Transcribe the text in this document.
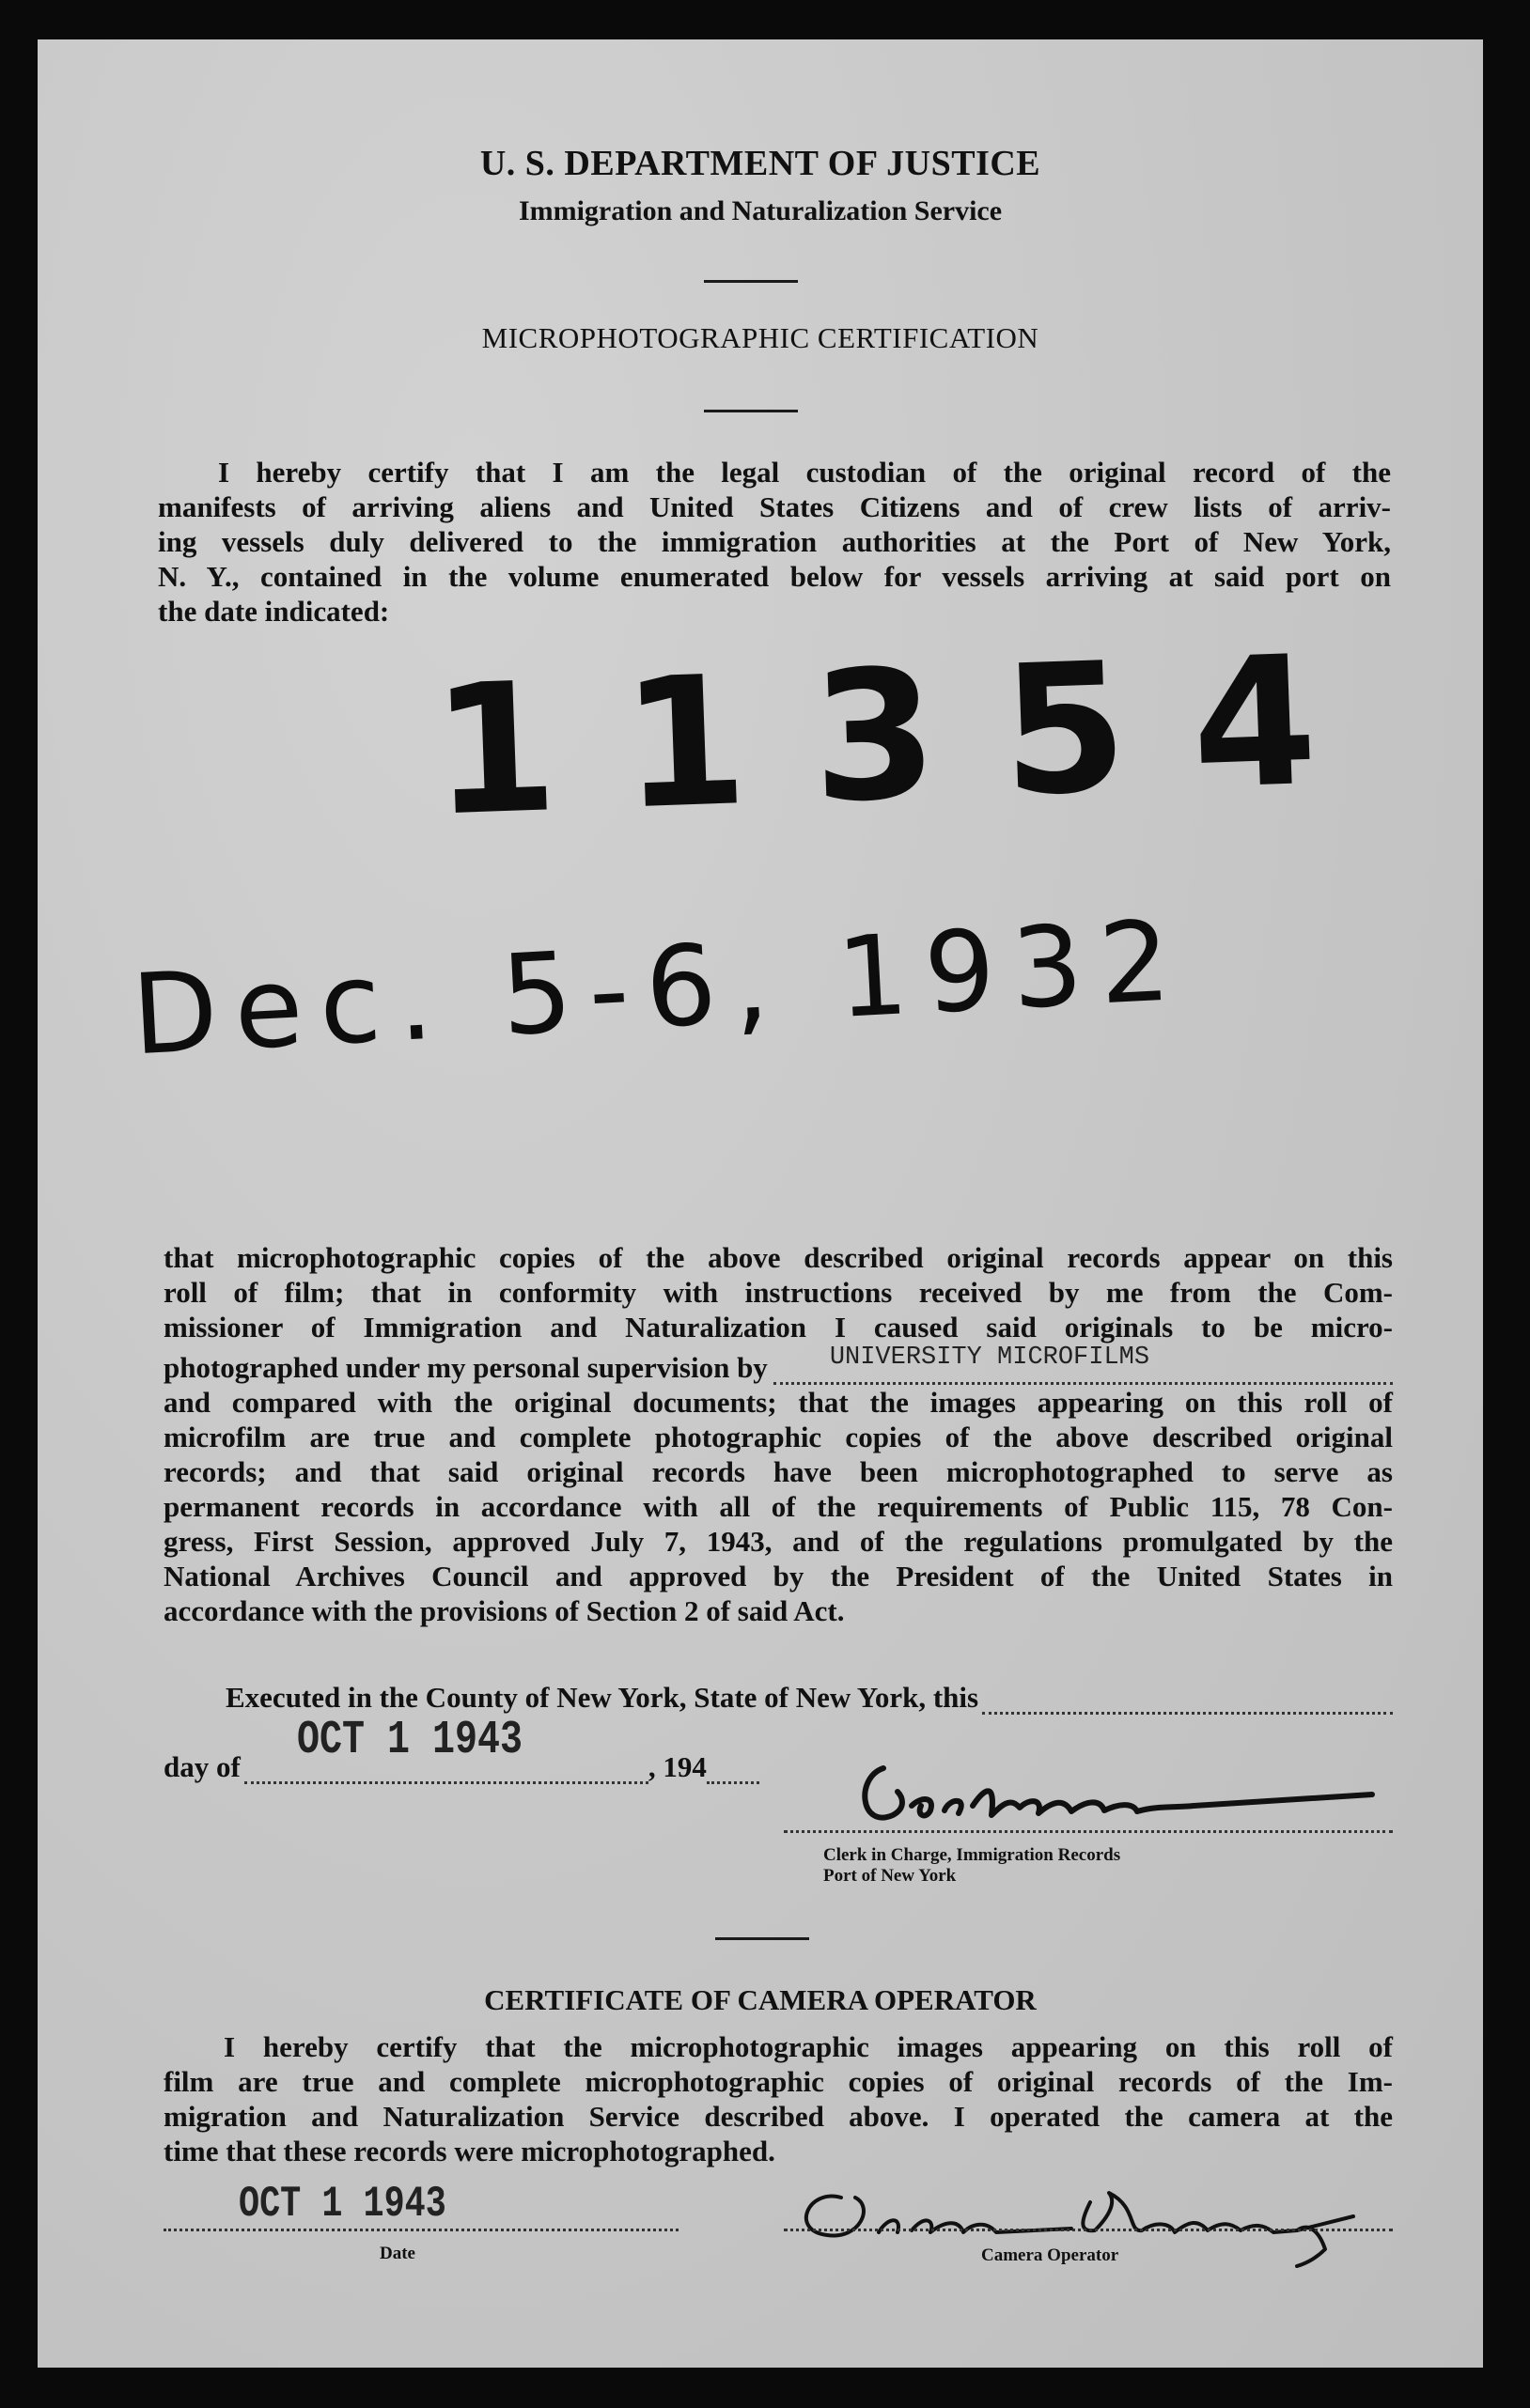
U. S. DEPARTMENT OF JUSTICE
Immigration and Naturalization Service
MICROPHOTOGRAPHIC CERTIFICATION
I hereby certify that I am the legal custodian of the original record of the
manifests of arriving aliens and United States Citizens and of crew lists of arriv-
ing vessels duly delivered to the immigration authorities at the Port of New York,
N. Y., contained in the volume enumerated below for vessels arriving at said port on
the date indicated:
11354
Dec. 5-6, 1932
that microphotographic copies of the above described original records appear on this
roll of film; that in conformity with instructions received by me from the Com-
missioner of Immigration and Naturalization I caused said originals to be micro-
photographed under my personal supervision by UNIVERSITY MICROFILMS
and compared with the original documents; that the images appearing on this roll of
microfilm are true and complete photographic copies of the above described original
records; and that said original records have been microphotographed to serve as
permanent records in accordance with all of the requirements of Public 115, 78 Con-
gress, First Session, approved July 7, 1943, and of the regulations promulgated by the
National Archives Council and approved by the President of the United States in
accordance with the provisions of Section 2 of said Act.
Executed in the County of New York, State of New York, this
day of OCT 1 1943	, 194
Clerk in Charge, Immigration Records
Port of New York
CERTIFICATE OF CAMERA OPERATOR
I hereby certify that the microphotographic images appearing on this roll of
film are true and complete microphotographic copies of original records of the Im-
migration and Naturalization Service described above. I operated the camera at the
time that these records were microphotographed.
OCT 1 1943
Date	Camera Operator
